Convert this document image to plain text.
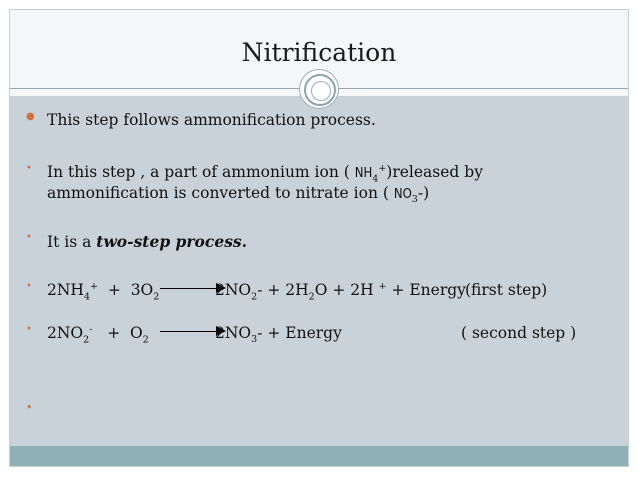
Nitrification
● This step follows ammonification process.
• In this step , a part of ammonium ion ( $NH_4^+)released$ by
ammonification is converted to nitrate ion ( $NO_3-$)
• It is a two-step process.
• $2NH_4^+ + 3O_2$	$2NO_2- + 2H_2O + 2H$ + + Energy (first step)
• $2NO_2^- + O_2$	$2NO_3-$ + Energy	( second step )
•
